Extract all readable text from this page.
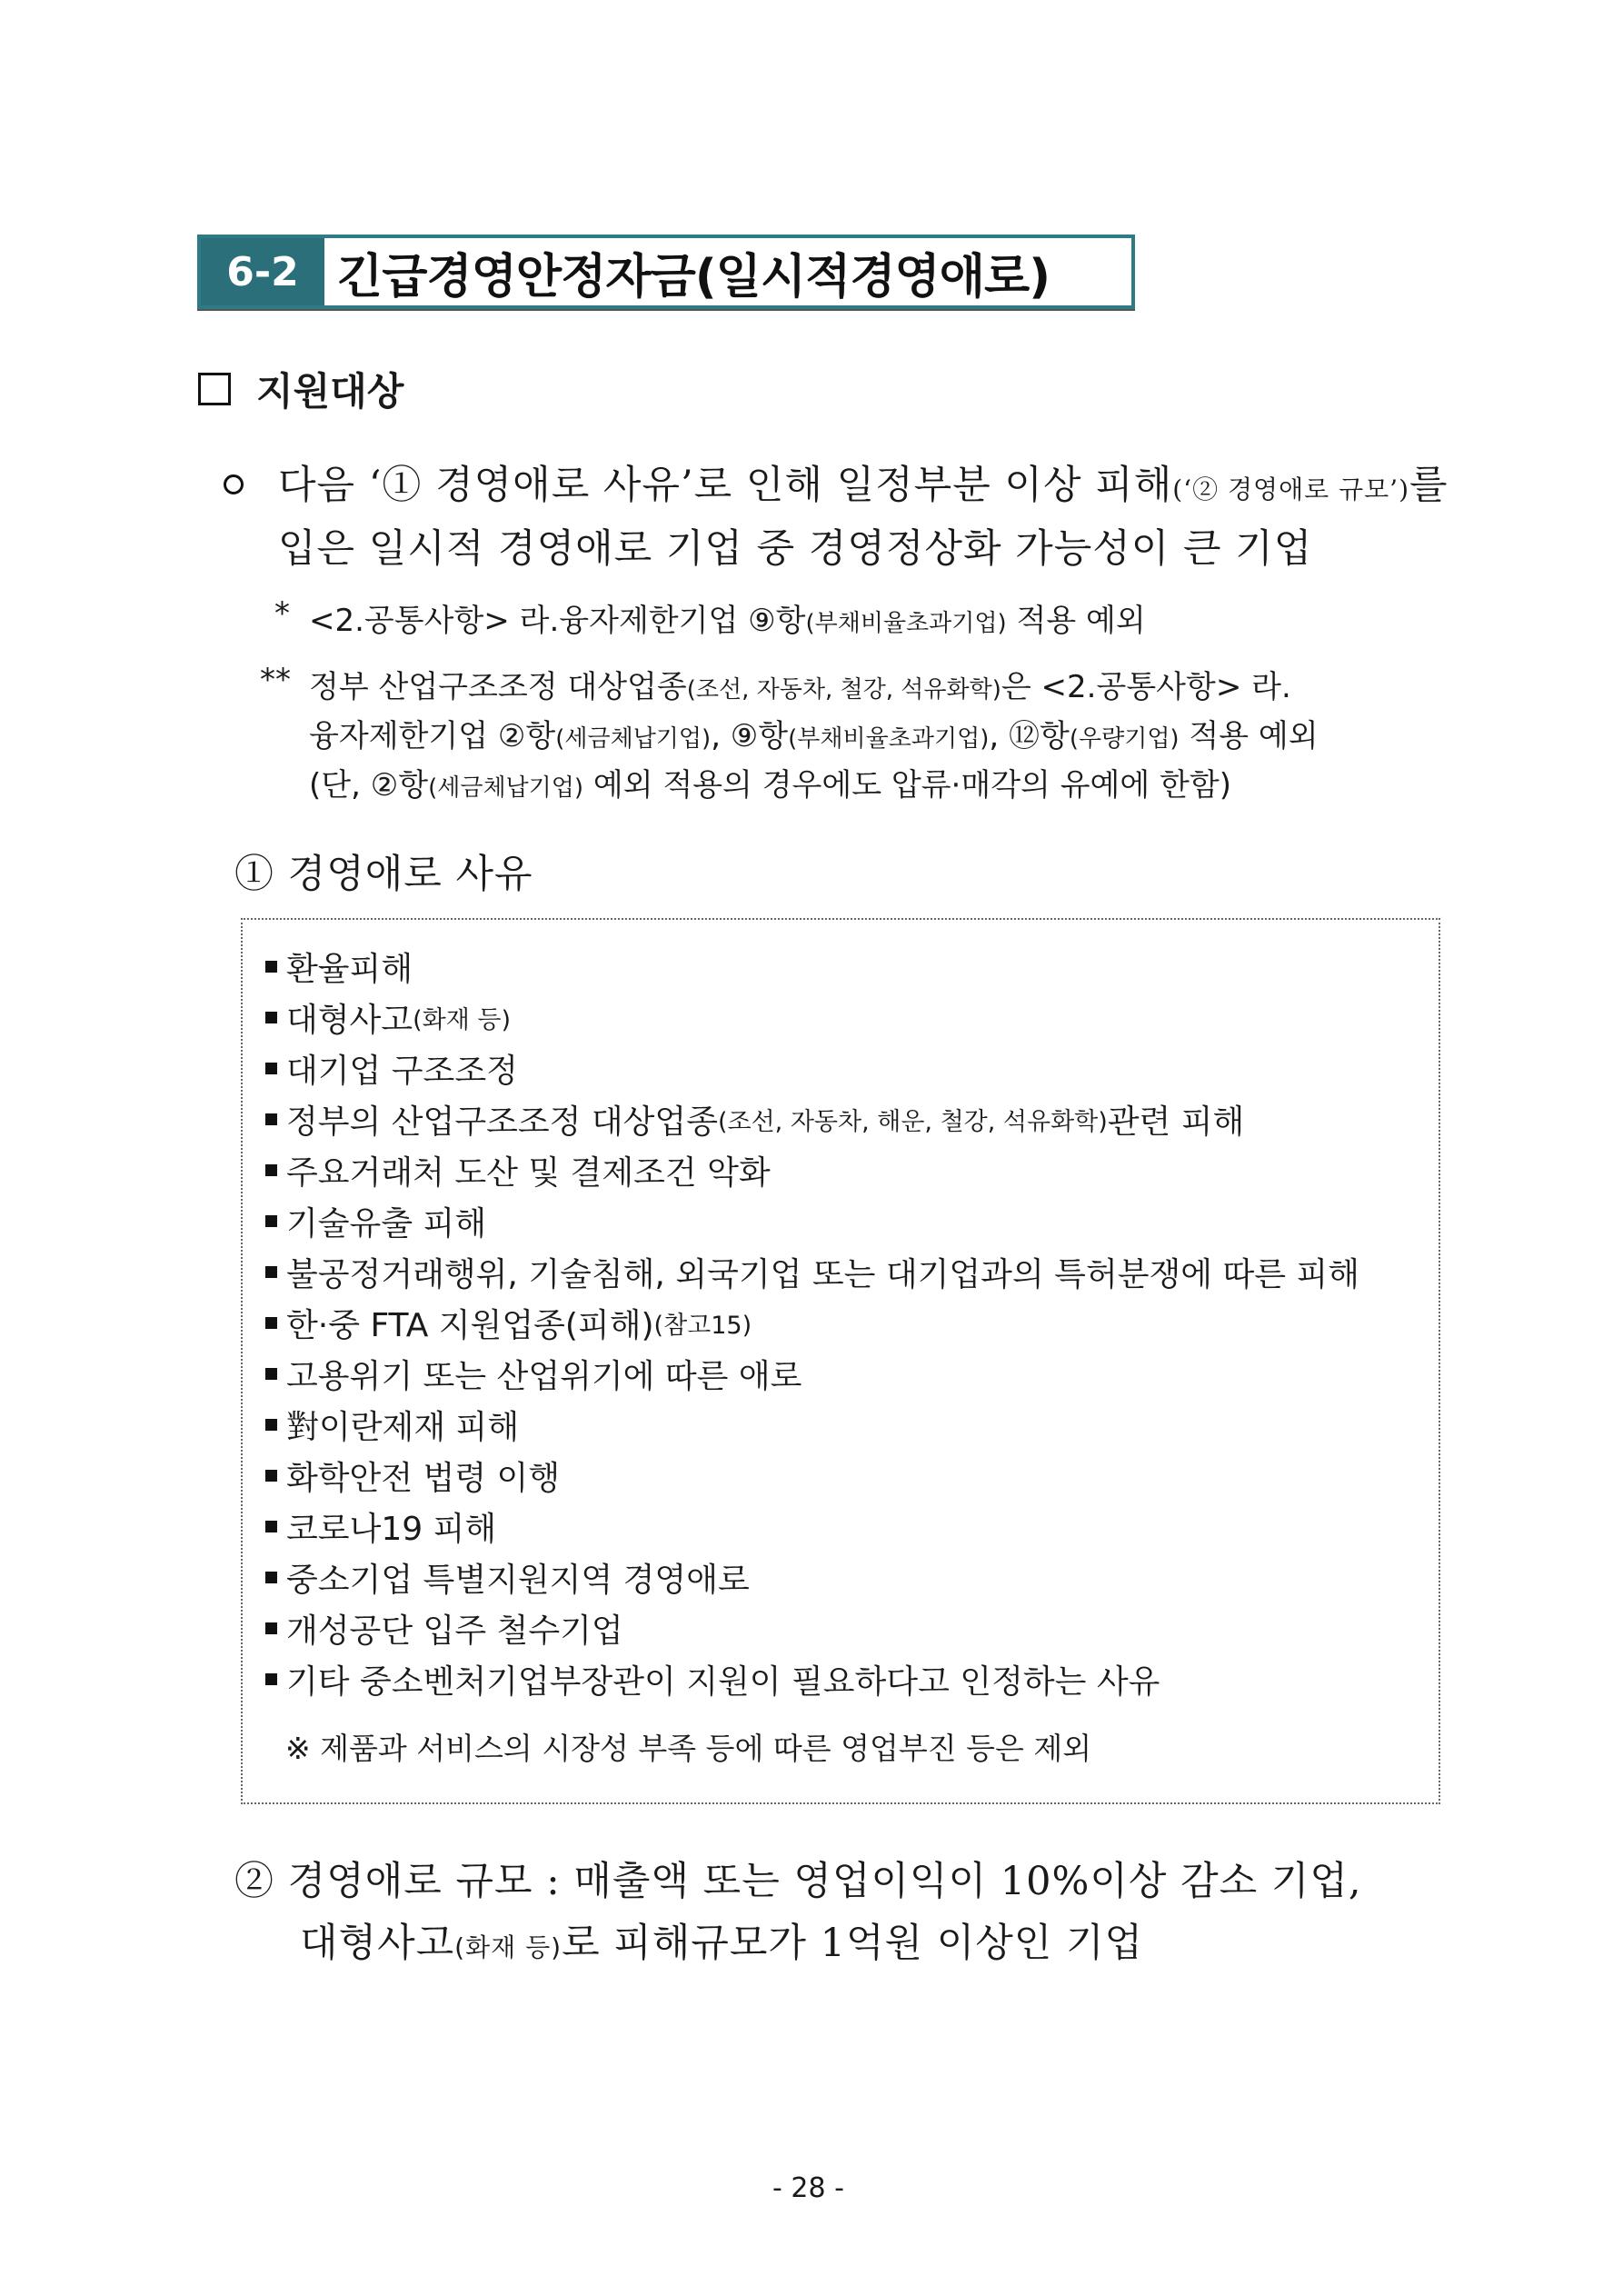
6-2 긴급경영안정자금(일시적경영애로)
지원대상
다음 ‘① 경영애로 사유’로 인해 일정부분 이상 피해(‘② 경영애로 규모’)를
입은 일시적 경영애로 기업 중 경영정상화 가능성이 큰 기업
* <2.공통사항> 라.융자제한기업 ⑨항(부채비율초과기업) 적용 예외
** 정부 산업구조조정 대상업종(조선, 자동차, 철강, 석유화학)은 <2.공통사항> 라.
융자제한기업 ②항(세금체납기업), ⑨항(부채비율초과기업), ⑫항(우량기업) 적용 예외
(단, ②항(세금체납기업) 예외 적용의 경우에도 압류·매각의 유예에 한함)
① 경영애로 사유
환율피해
대형사고 (화재 등)
대기업 구조조정
정부의 산업구조조정 대상업종 (조선, 자동차, 해운, 철강, 석유화학) 관련 피해
주요거래처 도산 및 결제조건 악화
기술유출 피해
불공정거래행위, 기술침해, 외국기업 또는 대기업과의 특허분쟁에 따른 피해
한·중 FTA 지원업종(피해) (참고15)
고용위기 또는 산업위기에 따른 애로
對이란제재 피해
화학안전 법령 이행
코로나19 피해
중소기업 특별지원지역 경영애로
개성공단 입주 철수기업
기타 중소벤처기업부장관이 지원이 필요하다고 인정하는 사유
※ 제품과 서비스의 시장성 부족 등에 따른 영업부진 등은 제외
② 경영애로 규모 : 매출액 또는 영업이익이 10%이상 감소 기업,
대형사고(화재 등)로 피해규모가 1억원 이상인 기업
- 28 -
